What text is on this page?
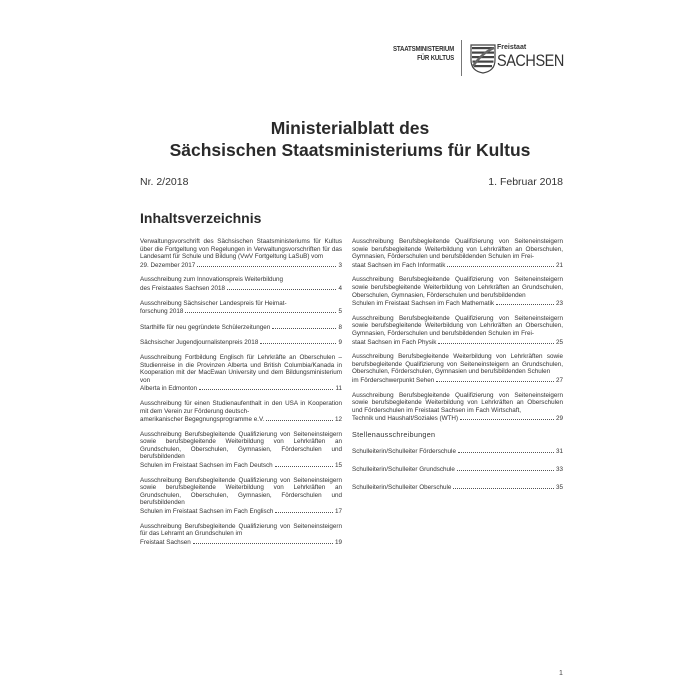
STAATSMINISTERIUM
FÜR KULTUS
Freistaat
SACHSEN
Ministerialblatt des
Sächsischen Staatsministeriums für Kultus
Nr. 2/2018	1. Februar 2018
Inhaltsverzeichnis
Verwaltungsvorschrift des Sächsischen Staatsministeriums für Kultus über die Fortgeltung von Regelungen in Verwaltungsvorschriften für das Landesamt für Schule und Bildung (VwV Fortgeltung LaSuB) vom
29. Dezember 2017	3
Ausschreibung zum Innovationspreis Weiterbildung
des Freistaates Sachsen 2018	4
Ausschreibung Sächsischer Landespreis für Heimat-
forschung 2018	5
Starthilfe für neu gegründete Schülerzeitungen	8
Sächsischer Jugendjournalistenpreis 2018	9
Ausschreibung Fortbildung Englisch für Lehrkräfte an Oberschulen – Studienreise in die Provinzen Alberta und British Columbia/Kanada in Kooperation mit der MacEwan University und dem Bildungsministerium von
Alberta in Edmonton	11
Ausschreibung für einen Studienaufenthalt in den USA in Kooperation mit dem Verein zur Förderung deutsch-
amerikanischer Begegnungsprogramme e.V.	12
Ausschreibung Berufsbegleitende Qualifizierung von Seiteneinsteigern sowie berufsbegleitende Weiterbildung von Lehrkräften an Grundschulen, Oberschulen, Gymnasien, Förderschulen und berufsbildenden
Schulen im Freistaat Sachsen im Fach Deutsch	15
Ausschreibung Berufsbegleitende Qualifizierung von Seiteneinsteigern sowie berufsbegleitende Weiterbildung von Lehrkräften an Grundschulen, Oberschulen, Gymnasien, Förderschulen und berufsbildenden
Schulen im Freistaat Sachsen im Fach Englisch	17
Ausschreibung Berufsbegleitende Qualifizierung von Seiteneinsteigern für das Lehramt an Grundschulen im
Freistaat Sachsen	19
Ausschreibung Berufsbegleitende Qualifizierung von Seiteneinsteigern sowie berufsbegleitende Weiterbildung von Lehrkräften an Oberschulen, Gymnasien, Förderschulen und berufsbildenden Schulen im Frei-
staat Sachsen im Fach Informatik	21
Ausschreibung Berufsbegleitende Qualifizierung von Seiteneinsteigern sowie berufsbegleitende Weiterbildung von Lehrkräften an Grundschulen, Oberschulen, Gymnasien, Förderschulen und berufsbildenden
Schulen im Freistaat Sachsen im Fach Mathematik	23
Ausschreibung Berufsbegleitende Qualifizierung von Seiteneinsteigern sowie berufsbegleitende Weiterbildung von Lehrkräften an Oberschulen, Gymnasien, Förderschulen und berufsbildenden Schulen im Frei-
staat Sachsen im Fach Physik	25
Ausschreibung Berufsbegleitende Weiterbildung von Lehrkräften sowie berufsbegleitende Qualifizierung von Seiteneinsteigern an Grundschulen, Oberschulen, Förderschulen, Gymnasien und berufsbildenden Schulen
im Förderschwerpunkt Sehen	27
Ausschreibung Berufsbegleitende Qualifizierung von Seiteneinsteigern sowie berufsbegleitende Weiterbildung von Lehrkräften an Oberschulen und Förderschulen im Freistaat Sachsen im Fach Wirtschaft,
Technik und Haushalt/Soziales (WTH)	29
Stellenausschreibungen
Schulleiterin/Schulleiter Förderschule	31
Schulleiterin/Schulleiter Grundschule	33
Schulleiterin/Schulleiter Oberschule	35
1
